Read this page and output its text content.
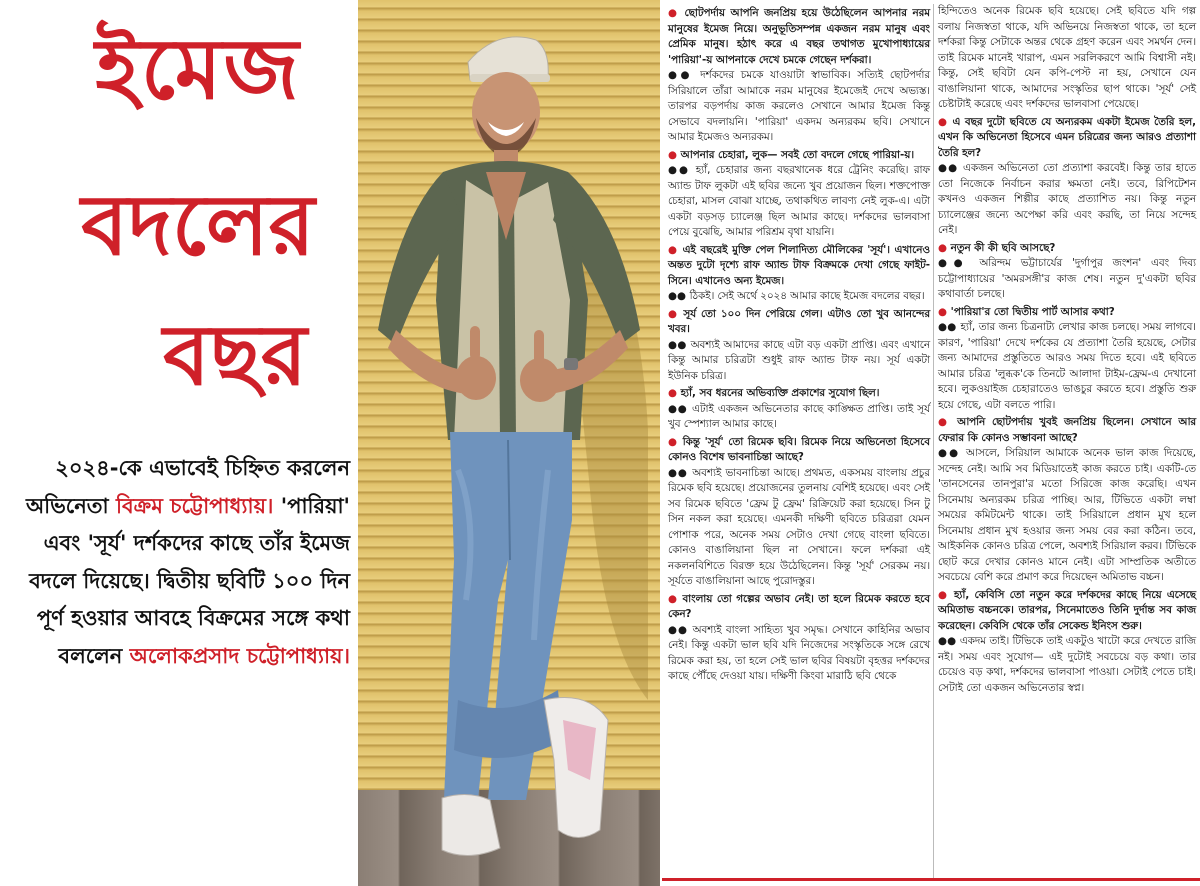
ইমেজ
বদলের
বছর
২০২৪-কে এভাবেই চিহ্নিত করলেন অভিনেতা বিক্রম চট্টোপাধ্যায়। 'পারিয়া' এবং 'সূর্য' দর্শকদের কাছে তাঁর ইমেজ বদলে দিয়েছে। দ্বিতীয় ছবিটি ১০০ দিন পূর্ণ হওয়ার আবহে বিক্রমের সঙ্গে কথা বললেন অলোকপ্রসাদ চট্টোপাধ্যায়।

● ছোটপর্দায় আপনি জনপ্রিয় হয়ে উঠেছিলেন আপনার নরম মানুষের ইমেজ নিয়ে। অনুভূতিসম্পন্ন একজন নরম মানুষ এবং প্রেমিক মানুষ। হঠাৎ করে এ বছর তথাগত মুখোপাধ্যায়ের 'পারিয়া'-য় আপনাকে দেখে চমকে গেছেন দর্শকরা।

●● দর্শকদের চমকে যাওয়াটা স্বাভাবিক। সত্যিই ছোটপর্দার সিরিয়ালে তাঁরা আমাকে নরম মানুষের ইমেজেই দেখে অভ্যস্ত। তারপর বড়পর্দায় কাজ করলেও সেখানে আমার ইমেজ কিন্তু সেভাবে বদলায়নি। 'পারিয়া' একদম অন্যরকম ছবি। সেখানে আমার ইমেজও অন্যরকম।

● আপনার চেহারা, লুক— সবই তো বদলে গেছে পারিয়া-য়।

●● হ্যাঁ, চেহারার জন্য বছরখানেক ধরে ট্রেনিং করেছি। রাফ অ্যান্ড টাফ লুকটা এই ছবির জন্যে খুব প্রয়োজন ছিল। শক্তপোক্ত চেহারা, মাসল বোঝা যাচ্ছে, তথাকথিত লাবণ্য নেই লুক-এ। এটা একটা বড়সড় চ্যালেঞ্জ ছিল আমার কাছে। দর্শকদের ভালবাসা পেয়ে বুঝেছি, আমার পরিশ্রম বৃথা যায়নি।

● এই বছরেই মুক্তি পেল শিলাদিত্য মৌলিকের 'সূর্য'। এখানেও অন্তত দুটো দৃশ্যে রাফ অ্যান্ড টাফ বিক্রমকে দেখা গেছে ফাইট-সিনে। এখানেও অন্য ইমেজ।

●● ঠিকই। সেই অর্থে ২০২৪ আমার কাছে ইমেজ বদলের বছর।

● সূর্য তো ১০০ দিন পেরিয়ে গেল। এটাও তো খুব আনন্দের খবর।

●● অবশ্যই আমাদের কাছে এটা বড় একটা প্রাপ্তি। এবং এখানে কিন্তু আমার চরিত্রটা শুধুই রাফ অ্যান্ড টাফ নয়। সূর্য একটা ইউনিক চরিত্র।

● হ্যাঁ, সব ধরনের অভিব্যক্তি প্রকাশের সুযোগ ছিল।

●● এটাই একজন অভিনেতার কাছে কাঙ্ক্ষিত প্রাপ্তি। তাই সূর্য খুব স্পেশ্যাল আমার কাছে।

● কিন্তু 'সূর্য' তো রিমেক ছবি। রিমেক নিয়ে অভিনেতা হিসেবে কোনও বিশেষ ভাবনাচিন্তা আছে?

●● অবশ্যই ভাবনাচিন্তা আছে। প্রথমত, একসময় বাংলায় প্রচুর রিমেক ছবি হয়েছে। প্রয়োজনের তুলনায় বেশিই হয়েছে। এবং সেই সব রিমেক ছবিতে 'ফ্রেম টু ফ্রেম' রিক্রিয়েট করা হয়েছে। সিন টু সিন নকল করা হয়েছে। এমনকী দক্ষিণী ছবিতে চরিত্ররা যেমন পোশাক পরে, অনেক সময় সেটাও দেখা গেছে বাংলা ছবিতে। কোনও বাঙালিয়ানা ছিল না সেখানে। ফলে দর্শকরা এই নকলনবিশিতে বিরক্ত হয়ে উঠেছিলেন। কিন্তু 'সূর্য' সেরকম নয়। সূর্যতে বাঙালিয়ানা আছে পুরোদস্তুর।

● বাংলায় তো গল্পের অভাব নেই। তা হলে রিমেক করতে হবে কেন?

●● অবশ্যই বাংলা সাহিত্য খুব সমৃদ্ধ। সেখানে কাহিনির অভাব নেই। কিন্তু একটা ভাল ছবি যদি নিজেদের সংস্কৃতিকে সঙ্গে রেখে রিমেক করা হয়, তা হলে সেই ভাল ছবির বিষয়টা বৃহত্তর দর্শকদের কাছে পৌঁছে দেওয়া যায়। দক্ষিণী কিংবা মারাঠি ছবি থেকে

হিন্দিতেও অনেক রিমেক ছবি হয়েছে। সেই ছবিতে যদি গল্প বলায় নিজস্বতা থাকে, যদি অভিনয়ে নিজস্বতা থাকে, তা হলে দর্শকরা কিন্তু সেটাকে অন্তর থেকে গ্রহণ করেন এবং সমর্থন দেন। তাই রিমেক মানেই খারাপ, এমন সরলিকরণে আমি বিশ্বাসী নই। কিন্তু, সেই ছবিটা যেন কপি-পেস্ট না হয়, সেখানে যেন বাঙালিয়ানা থাকে, আমাদের সংস্কৃতির ছাপ থাকে। 'সূর্য' সেই চেষ্টাটাই করেছে এবং দর্শকদের ভালবাসা পেয়েছে।

● এ বছর দুটো ছবিতে যে অন্যরকম একটা ইমেজ তৈরি হল, এখন কি অভিনেতা হিসেবে এমন চরিত্রের জন্য আরও প্রত্যাশা তৈরি হল?

●● একজন অভিনেতা তো প্রত্যাশা করবেই। কিন্তু তার হাতে তো নিজেকে নির্বাচন করার ক্ষমতা নেই। তবে, রিপিটেশন কখনও একজন শিল্পীর কাছে প্রত্যাশিত নয়। কিন্তু নতুন চ্যালেঞ্জের জন্যে অপেক্ষা করি এবং করছি, তা নিয়ে সন্দেহ নেই।

● নতুন কী কী ছবি আসছে?

●● অরিন্দম ভট্টাচার্যের 'দুর্গাপুর জংশন' এবং দিব্য চট্টোপাধ্যায়ের 'অমরসঙ্গী'র কাজ শেষ। নতুন দু'একটা ছবির কথাবার্তা চলছে।

● 'পারিয়া'র তো দ্বিতীয় পার্ট আসার কথা?

●● হ্যাঁ, তার জন্য চিত্রনাট্য লেখার কাজ চলছে। সময় লাগবে। কারণ, 'পারিয়া' দেখে দর্শকের যে প্রত্যাশা তৈরি হয়েছে, সেটার জন্য আমাদের প্রস্তুতিতে আরও সময় দিতে হবে। এই ছবিতে আমার চরিত্র 'লুব্ধক'কে তিনটে আলাদা টাইম-ফ্রেম-এ দেখানো হবে। লুকওয়াইজ চেহারাতেও ভাঙচুর করতে হবে। প্রস্তুতি শুরু হয়ে গেছে, এটা বলতে পারি।

● আপনি ছোটপর্দায় খুবই জনপ্রিয় ছিলেন। সেখানে আর ফেরার কি কোনও সম্ভাবনা আছে?

●● আসলে, সিরিয়াল আমাকে অনেক ভাল কাজ দিয়েছে, সন্দেহ নেই। আমি সব মিডিয়াতেই কাজ করতে চাই। একটি-তে 'তানসেনের তানপুরা'র মতো সিরিজে কাজ করেছি। এখন সিনেমায় অন্যরকম চরিত্র পাচ্ছি। আর, টিভিতে একটা লম্বা সময়ের কমিটমেন্ট থাকে। তাই সিরিয়ালে প্রধান মুখ হলে সিনেমায় প্রধান মুখ হওয়ার জন্য সময় বের করা কঠিন। তবে, আইকনিক কোনও চরিত্র পেলে, অবশ্যই সিরিয়াল করব। টিভিকে ছোট করে দেখার কোনও মানে নেই। এটা সাম্প্রতিক অতীতে সবচেয়ে বেশি করে প্রমাণ করে দিয়েছেন অমিতাভ বচ্চন।

● হ্যাঁ, কেবিসি তো নতুন করে দর্শকদের কাছে নিয়ে এসেছে অমিতাভ বচ্চনকে। তারপর, সিনেমাতেও তিনি দুর্দান্ত সব কাজ করেছেন। কেবিসি থেকে তাঁর সেকেন্ড ইনিংস শুরু।

●● একদম তাই। টিভিকে তাই একটুও খাটো করে দেখতে রাজি নই। সময় এবং সুযোগ— এই দুটোই সবচেয়ে বড় কথা। তার চেয়েও বড় কথা, দর্শকদের ভালবাসা পাওয়া। সেটাই পেতে চাই। সেটাই তো একজন অভিনেতার স্বপ্ন।
